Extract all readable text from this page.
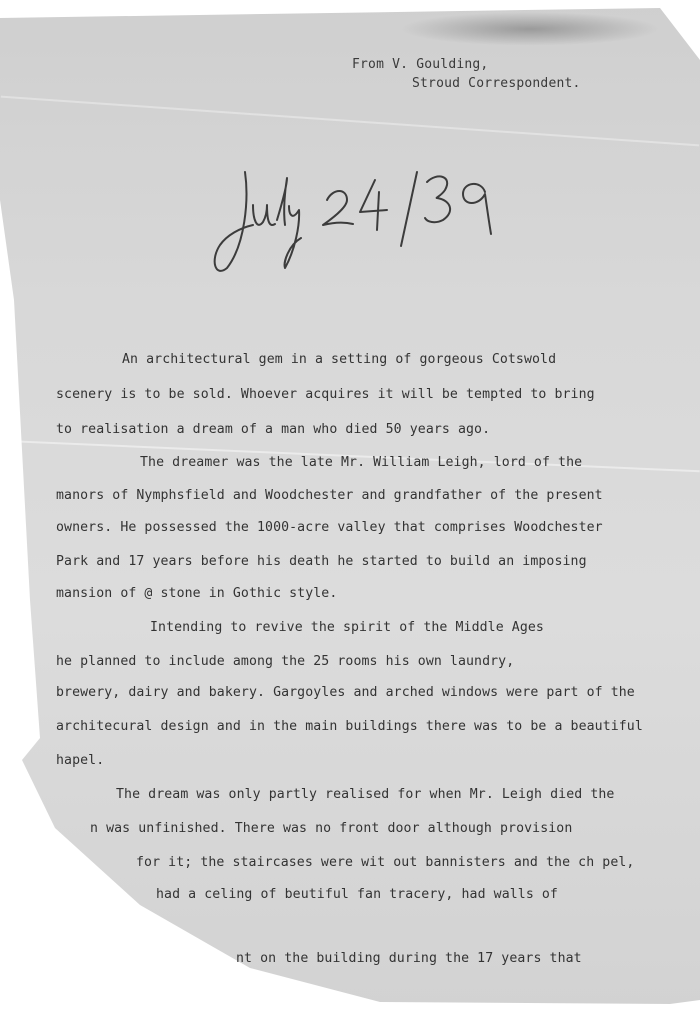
From V. Goulding,
Stroud Correspondent.
An architectural gem in a setting of gorgeous Cotswold
scenery is to be sold. Whoever acquires it will be tempted to bring
to realisation a dream of a man who died 50 years ago.
The dreamer was the late Mr. William Leigh, lord of the
manors of Nymphsfield and Woodchester and grandfather of the present
owners. He possessed the 1000-acre valley that comprises Woodchester
Park and 17 years before his death he started to build an imposing
mansion of @ stone in Gothic style.
Intending to revive the spirit of the Middle Ages
he planned to include among the 25 rooms his own laundry,
brewery, dairy and bakery. Gargoyles and arched windows were part of the
architecural design and in the main buildings there was to be a beautiful
hapel.
The dream was only partly realised for when Mr. Leigh died the
n was unfinished. There was no front door although provision
for it; the staircases were wit out bannisters and the ch pel,
had a celing of beutiful fan tracery, had walls of
nt on the building during the 17 years that
